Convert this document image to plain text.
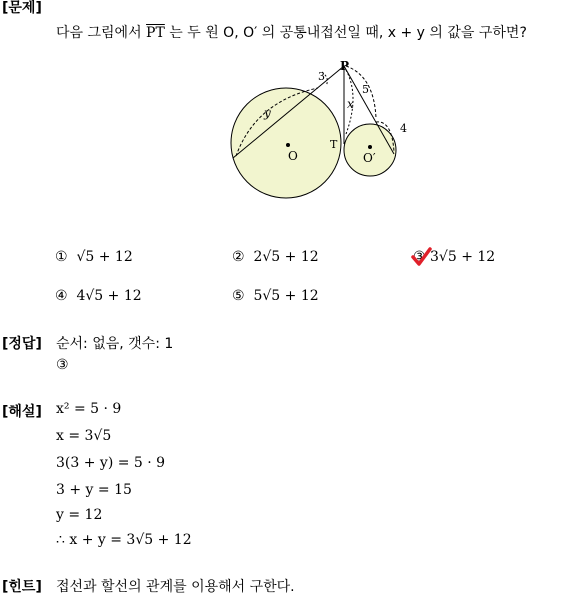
[문제]
다음 그림에서 $\overline{PT}$ 는 두 원 O, O′ 의 공통내접선일 때, x + y 의 값을 구하면?
P
T
O	O′
3
5
4
x
y
① √5 + 12	② 2√5 + 12	③ 3√5 + 12
④ 4√5 + 12	⑤ 5√5 + 12
[정답] 순서: 없음, 갯수: 1
③
[해설] x² = 5 · 9
x = 3√5
3(3 + y) = 5 · 9
3 + y = 15
y = 12
∴ x + y = 3√5 + 12
[힌트] 접선과 할선의 관계를 이용해서 구한다.
